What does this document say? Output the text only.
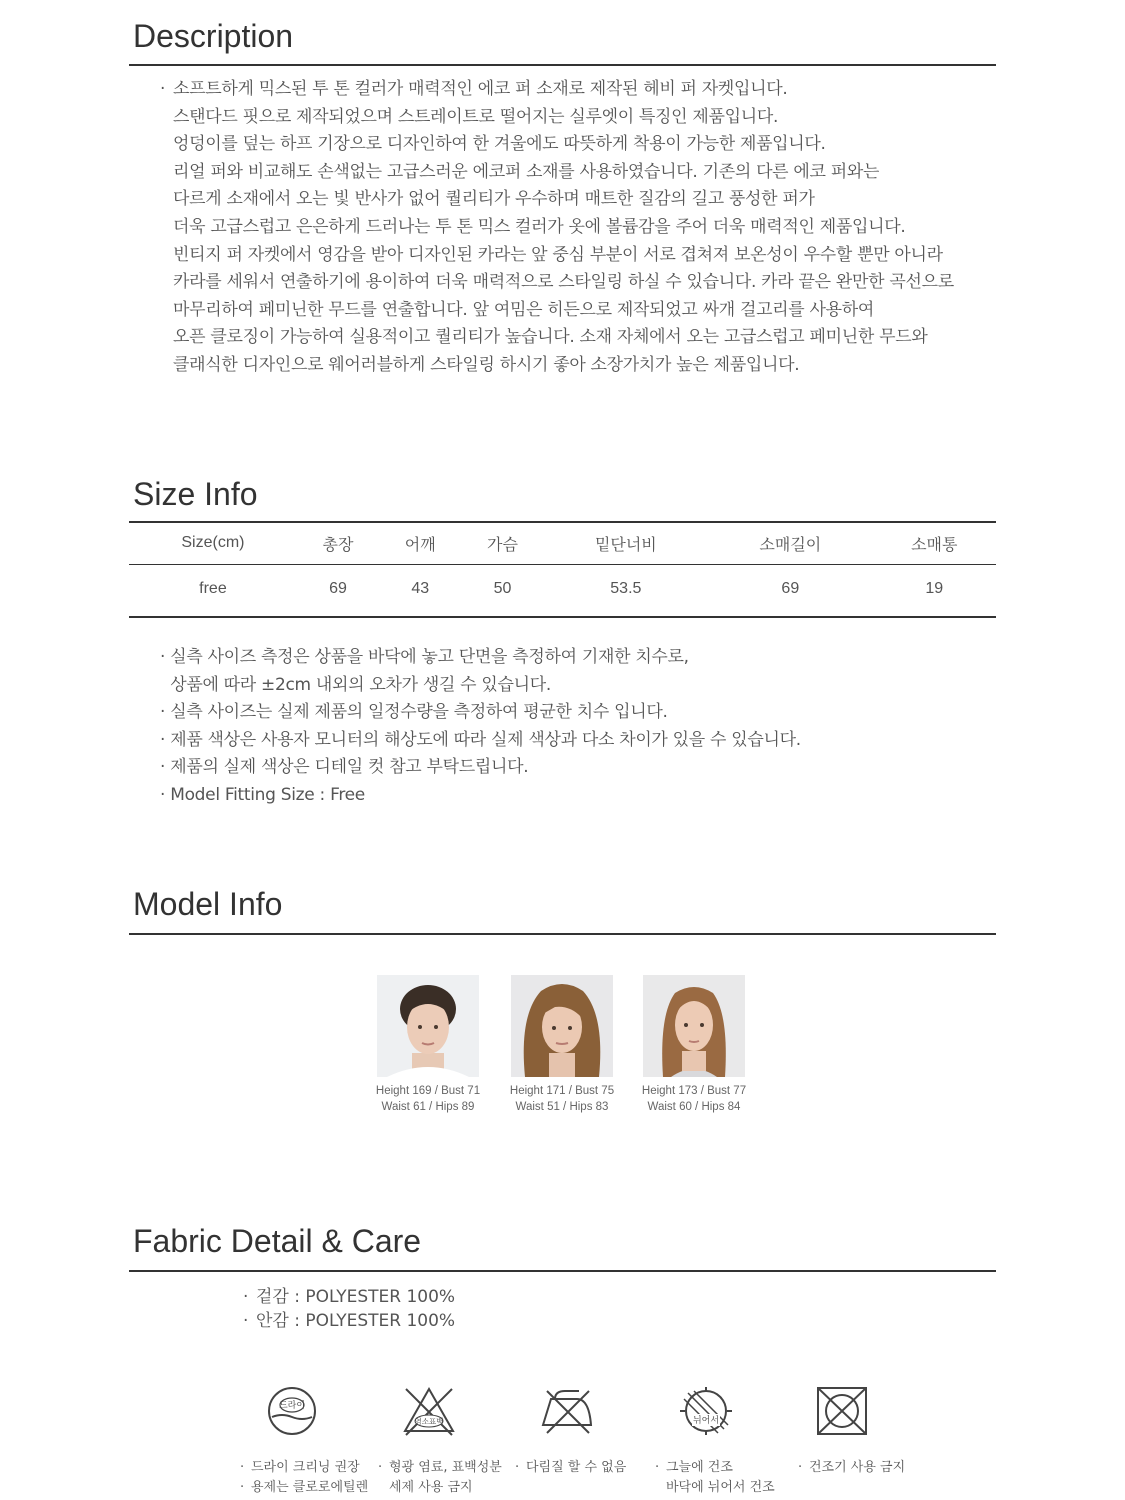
Description
· 소프트하게 믹스된 투 톤 컬러가 매력적인 에코 퍼 소재로 제작된 헤비 퍼 자켓입니다.
스탠다드 핏으로 제작되었으며 스트레이트로 떨어지는 실루엣이 특징인 제품입니다.
엉덩이를 덮는 하프 기장으로 디자인하여 한 겨울에도 따뜻하게 착용이 가능한 제품입니다.
리얼 퍼와 비교해도 손색없는 고급스러운 에코퍼 소재를 사용하였습니다. 기존의 다른 에코 퍼와는
다르게 소재에서 오는 빛 반사가 없어 퀄리티가 우수하며 매트한 질감의 길고 풍성한 퍼가
더욱 고급스럽고 은은하게 드러나는 투 톤 믹스 컬러가 옷에 볼륨감을 주어 더욱 매력적인 제품입니다.
빈티지 퍼 자켓에서 영감을 받아 디자인된 카라는 앞 중심 부분이 서로 겹쳐져 보온성이 우수할 뿐만 아니라
카라를 세워서 연출하기에 용이하여 더욱 매력적으로 스타일링 하실 수 있습니다. 카라 끝은 완만한 곡선으로
마무리하여 페미닌한 무드를 연출합니다. 앞 여밈은 히든으로 제작되었고 싸개 걸고리를 사용하여
오픈 클로징이 가능하여 실용적이고 퀄리티가 높습니다. 소재 자체에서 오는 고급스럽고 페미닌한 무드와
클래식한 디자인으로 웨어러블하게 스타일링 하시기 좋아 소장가치가 높은 제품입니다.
Size Info
Size(cm)	총장	어깨	가슴	밑단너비	소매길이	소매통
free	69	43	50	53.5	69	19
· 실측 사이즈 측정은 상품을 바닥에 놓고 단면을 측정하여 기재한 치수로,
상품에 따라 ±2cm 내외의 오차가 생길 수 있습니다.
· 실측 사이즈는 실제 제품의 일정수량을 측정하여 평균한 치수 입니다.
· 제품 색상은 사용자 모니터의 해상도에 따라 실제 색상과 다소 차이가 있을 수 있습니다.
· 제품의 실제 색상은 디테일 컷 참고 부탁드립니다.
· Model Fitting Size : Free
Model Info
Height 169 / Bust 71
Waist 61 / Hips 89
Height 171 / Bust 75
Waist 51 / Hips 83
Height 173 / Bust 77
Waist 60 / Hips 84
Fabric Detail & Care
· 겉감 : POLYESTER 100%
· 안감 : POLYESTER 100%
드라이
염소표백	뉘어서
· 드라이 크리닝 권장
· 용제는 클로로에틸렌
· 형광 염료, 표백성분
세제 사용 금지
· 다림질 할 수 없음 · 그늘에 건조
바닥에 뉘어서 건조
· 건조기 사용 금지
